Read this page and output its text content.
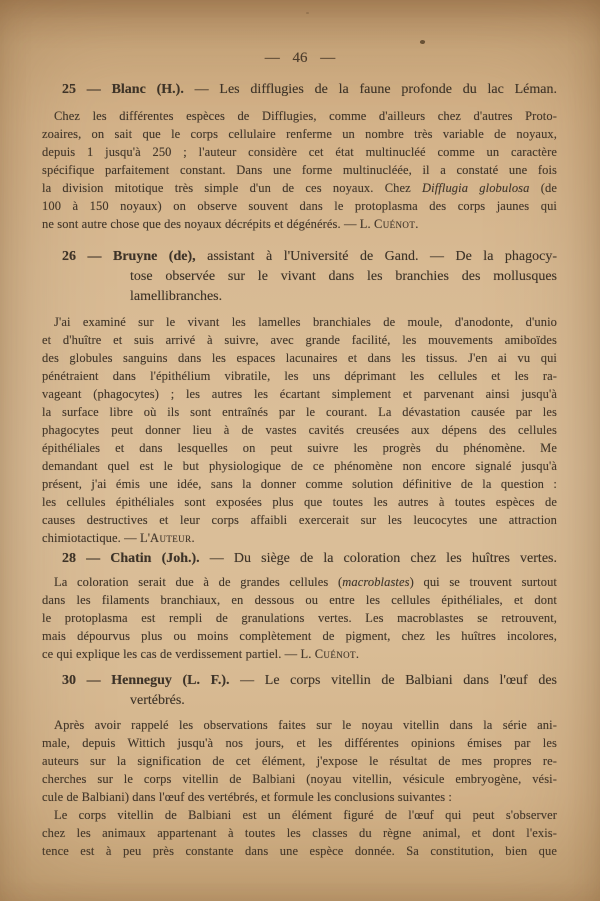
— 46 —
25 — Blanc (H.). — Les difflugies de la faune profonde du lac Léman.
Chez les différentes espèces de Difflugies, comme d'ailleurs chez d'autres Proto-
zoaires, on sait que le corps cellulaire renferme un nombre très variable de noyaux,
depuis 1 jusqu'à 250 ; l'auteur considère cet état multinucléé comme un caractère
spécifique parfaitement constant. Dans une forme multinucléée, il a constaté une fois
la division mitotique très simple d'un de ces noyaux. Chez Difflugia globulosa (de
100 à 150 noyaux) on observe souvent dans le protoplasma des corps jaunes qui
ne sont autre chose que des noyaux décrépits et dégénérés. — L. Cuénot.
26 — Bruyne (de), assistant à l'Université de Gand. — De la phagocy-
tose observée sur le vivant dans les branchies des mollusques
lamellibranches.
J'ai examiné sur le vivant les lamelles branchiales de moule, d'anodonte, d'unio
et d'huître et suis arrivé à suivre, avec grande facilité, les mouvements amiboïdes
des globules sanguins dans les espaces lacunaires et dans les tissus. J'en ai vu qui
pénétraient dans l'épithélium vibratile, les uns déprimant les cellules et les ra-
vageant (phagocytes) ; les autres les écartant simplement et parvenant ainsi jusqu'à
la surface libre où ils sont entraînés par le courant. La dévastation causée par les
phagocytes peut donner lieu à de vastes cavités creusées aux dépens des cellules
épithéliales et dans lesquelles on peut suivre les progrès du phénomène. Me
demandant quel est le but physiologique de ce phénomène non encore signalé jusqu'à
présent, j'ai émis une idée, sans la donner comme solution définitive de la question :
les cellules épithéliales sont exposées plus que toutes les autres à toutes espèces de
causes destructives et leur corps affaibli exercerait sur les leucocytes une attraction
chimiotactique. — L'Auteur.
28 — Chatin (Joh.). — Du siège de la coloration chez les huîtres vertes.
La coloration serait due à de grandes cellules (macroblastes) qui se trouvent surtout
dans les filaments branchiaux, en dessous ou entre les cellules épithéliales, et dont
le protoplasma est rempli de granulations vertes. Les macroblastes se retrouvent,
mais dépourvus plus ou moins complètement de pigment, chez les huîtres incolores,
ce qui explique les cas de verdissement partiel. — L. Cuénot.
30 — Henneguy (L. F.). — Le corps vitellin de Balbiani dans l'œuf des
vertébrés.
Après avoir rappelé les observations faites sur le noyau vitellin dans la série ani-
male, depuis Wittich jusqu'à nos jours, et les différentes opinions émises par les
auteurs sur la signification de cet élément, j'expose le résultat de mes propres re-
cherches sur le corps vitellin de Balbiani (noyau vitellin, vésicule embryogène, vési-
cule de Balbiani) dans l'œuf des vertébrés, et formule les conclusions suivantes :
Le corps vitellin de Balbiani est un élément figuré de l'œuf qui peut s'observer
chez les animaux appartenant à toutes les classes du règne animal, et dont l'exis-
tence est à peu près constante dans une espèce donnée. Sa constitution, bien que
